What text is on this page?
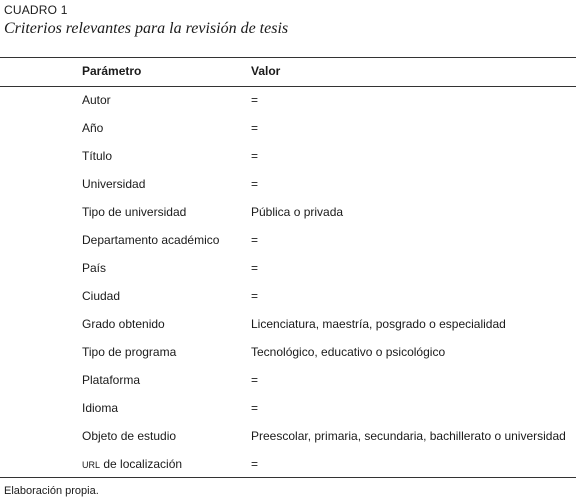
CUADRO 1
Criterios relevantes para la revisión de tesis
Parámetro	Valor
Autor	=
Año	=
Título	=
Universidad	=
Tipo de universidad	Pública o privada
Departamento académico	=
País	=
Ciudad	=
Grado obtenido	Licenciatura, maestría, posgrado o especialidad
Tipo de programa	Tecnológico, educativo o psicológico
Plataforma	=
Idioma	=
Objeto de estudio	Preescolar, primaria, secundaria, bachillerato o universidad
URL de localización	=
Elaboración propia.
